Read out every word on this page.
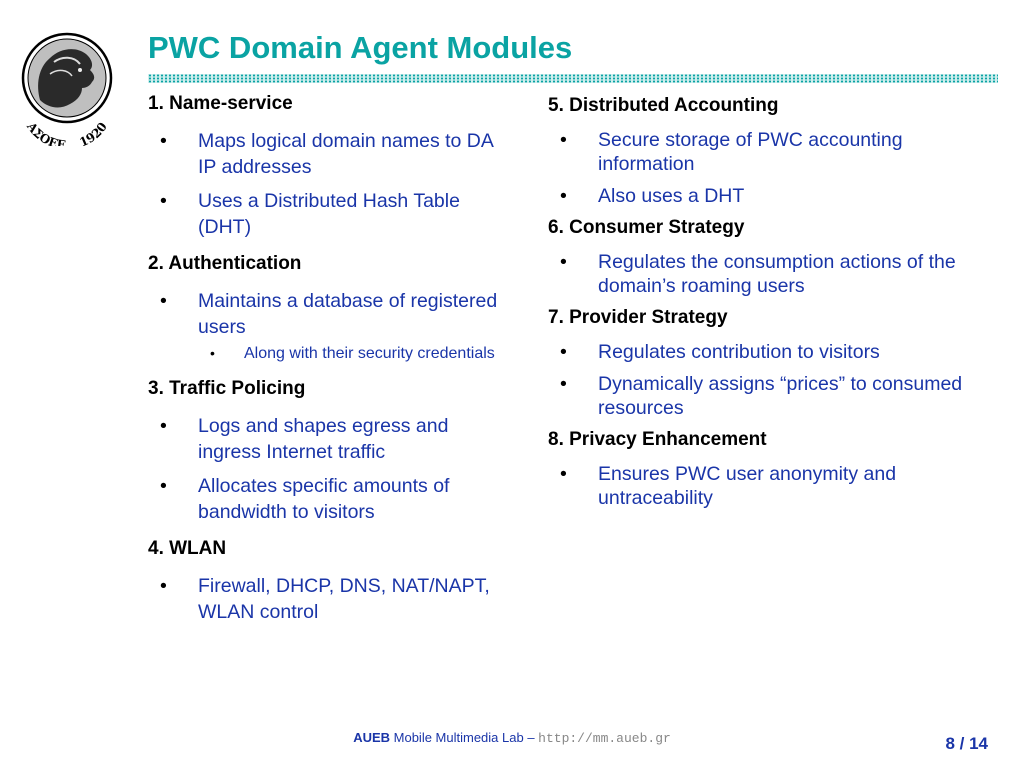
ΑΣΟΕΕ    1920
PWC Domain Agent Modules
1. Name-service
• Maps logical domain names to DA IP addresses
• Uses a Distributed Hash Table (DHT)
2. Authentication
• Maintains a database of registered users
• Along with their security credentials
3. Traffic Policing
• Logs and shapes egress and ingress Internet traffic
• Allocates specific amounts of bandwidth to visitors
4. WLAN
• Firewall, DHCP, DNS, NAT/NAPT, WLAN control
5. Distributed Accounting
• Secure storage of PWC accounting information
• Also uses a DHT
6. Consumer Strategy
• Regulates the consumption actions of the domain’s roaming users
7. Provider Strategy
• Regulates contribution to visitors
• Dynamically assigns “prices” to consumed resources
8. Privacy Enhancement
• Ensures PWC user anonymity and untraceability
AUEB Mobile Multimedia Lab – http://mm.aueb.gr	8 / 14
